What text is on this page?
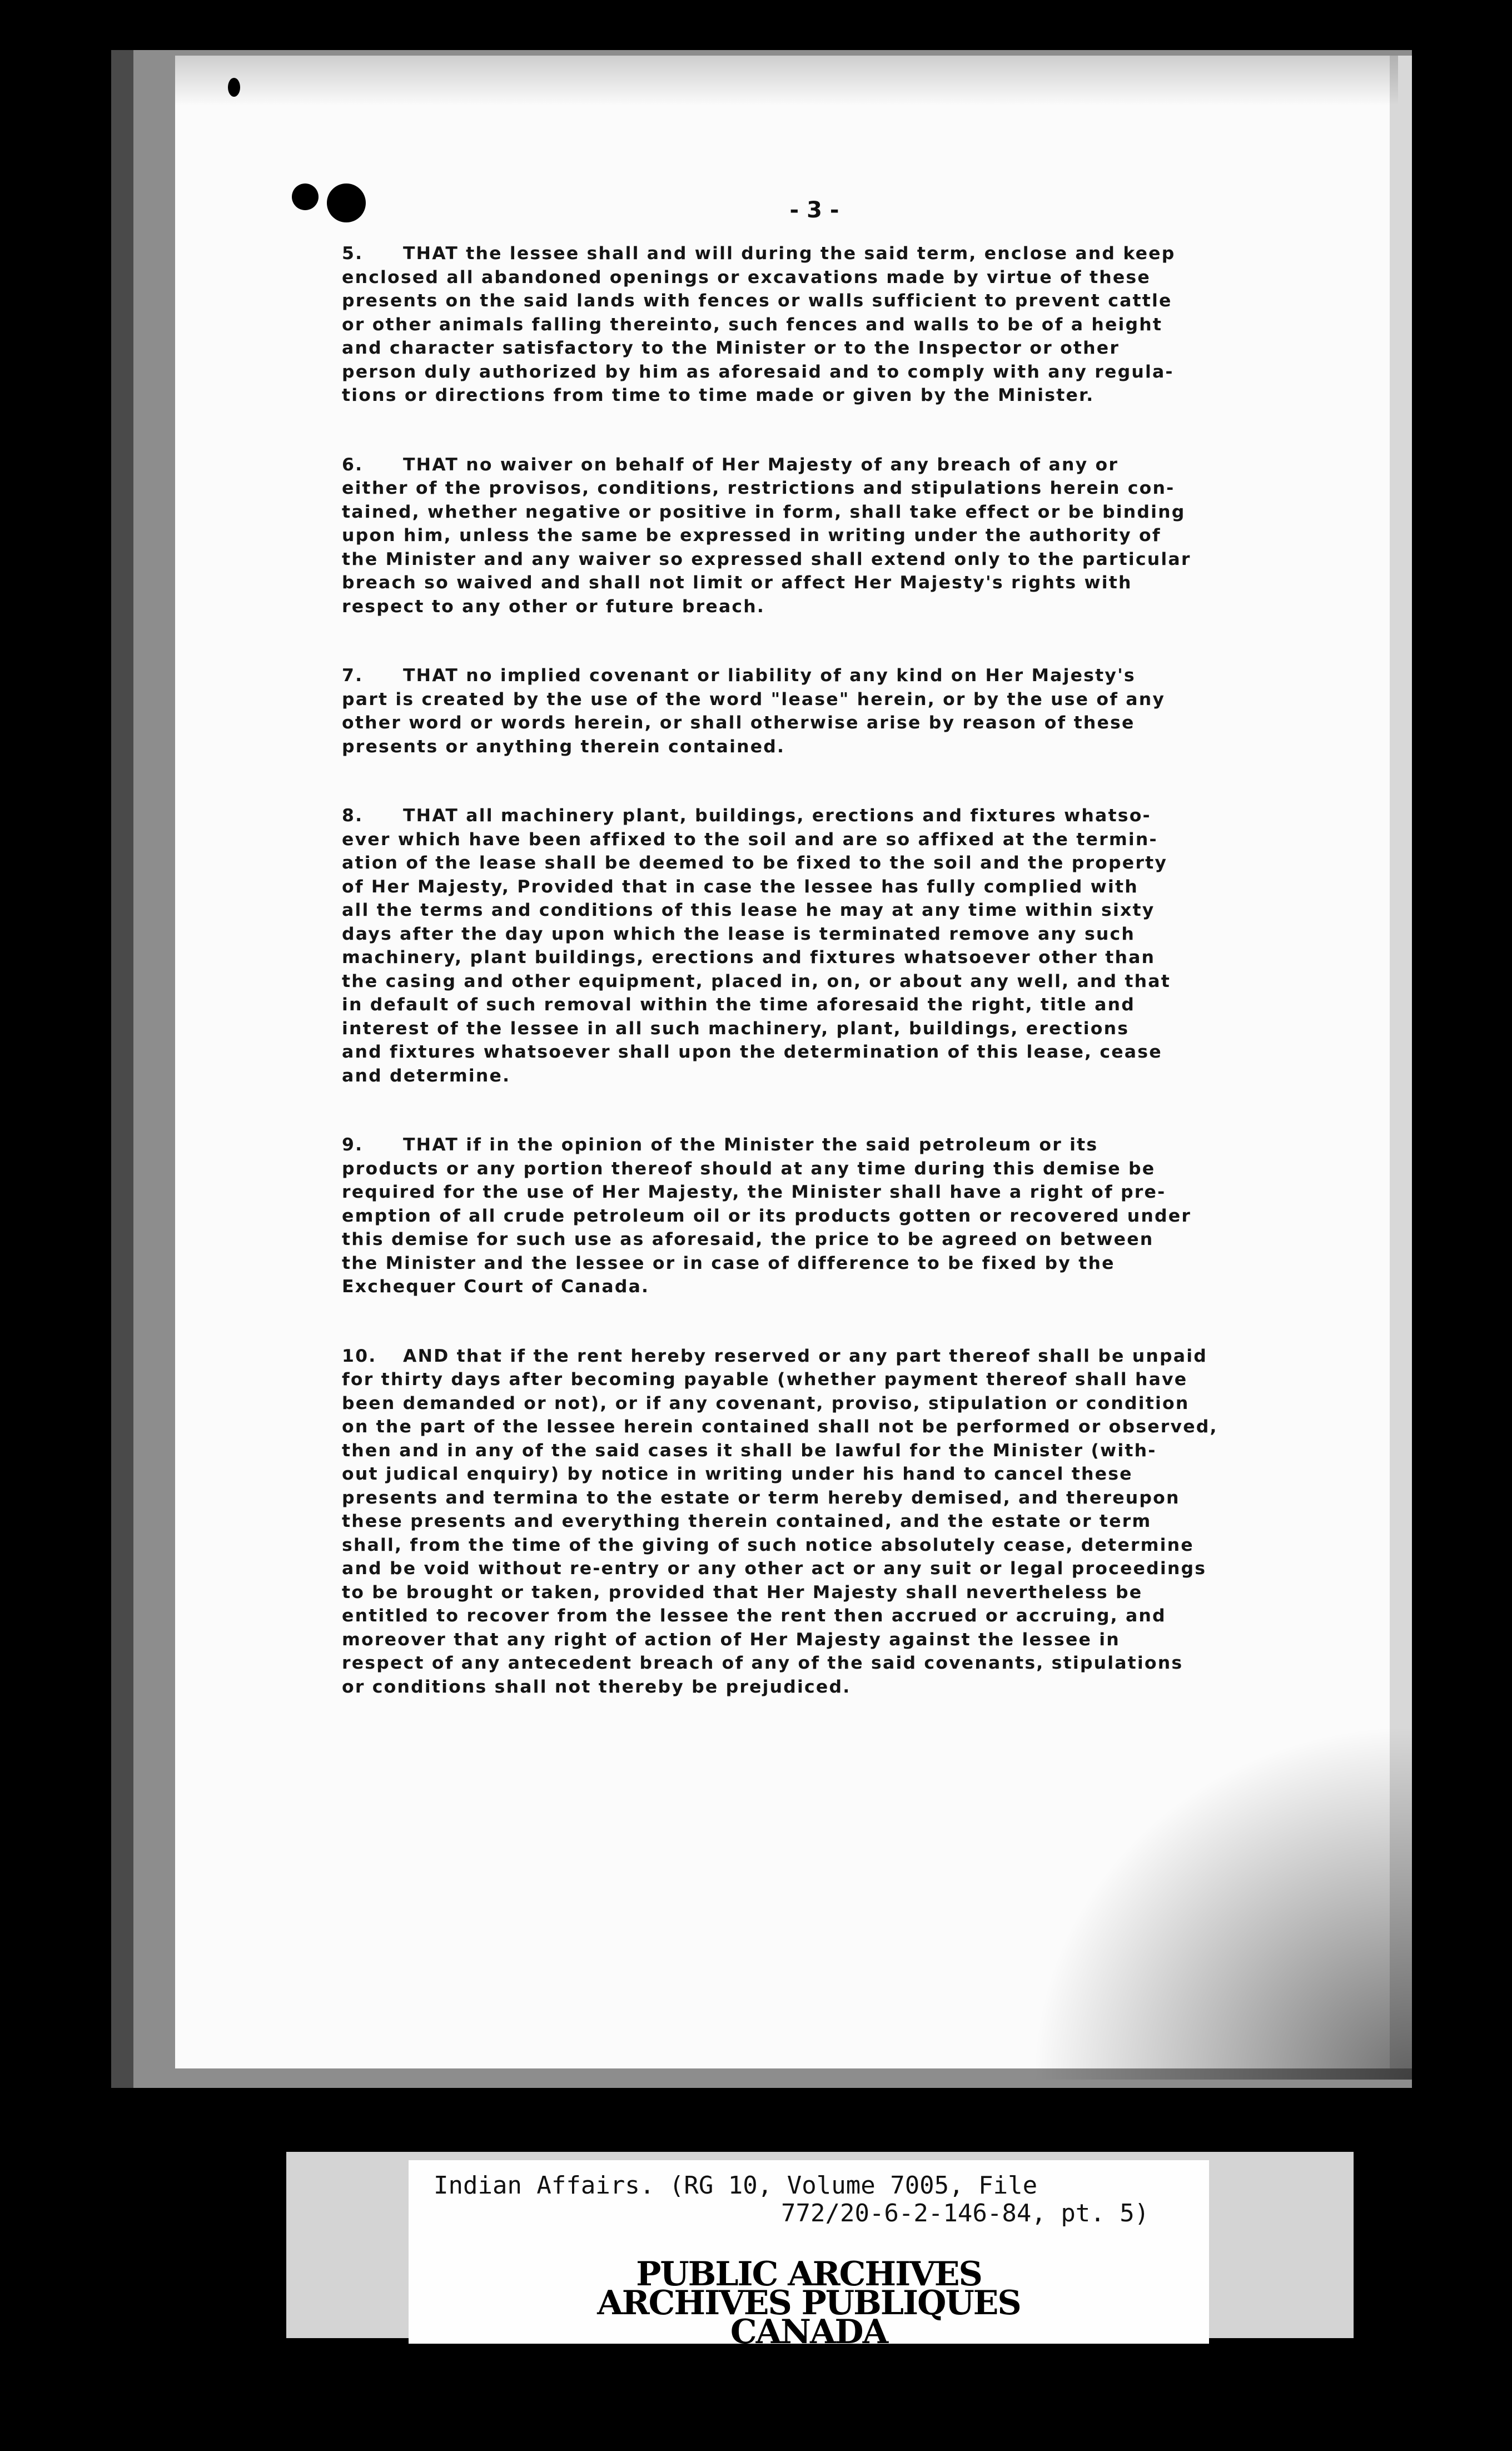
- 3 -
5. THAT the lessee shall and will during the said term, enclose and keep
enclosed all abandoned openings or excavations made by virtue of these
presents on the said lands with fences or walls sufficient to prevent cattle
or other animals falling thereinto, such fences and walls to be of a height
and character satisfactory to the Minister or to the Inspector or other
person duly authorized by him as aforesaid and to comply with any regula-
tions or directions from time to time made or given by the Minister.
6. THAT no waiver on behalf of Her Majesty of any breach of any or
either of the provisos, conditions, restrictions and stipulations herein con-
tained, whether negative or positive in form, shall take effect or be binding
upon him, unless the same be expressed in writing under the authority of
the Minister and any waiver so expressed shall extend only to the particular
breach so waived and shall not limit or affect Her Majesty's rights with
respect to any other or future breach.
7. THAT no implied covenant or liability of any kind on Her Majesty's
part is created by the use of the word "lease" herein, or by the use of any
other word or words herein, or shall otherwise arise by reason of these
presents or anything therein contained.
8. THAT all machinery plant, buildings, erections and fixtures whatso-
ever which have been affixed to the soil and are so affixed at the termin-
ation of the lease shall be deemed to be fixed to the soil and the property
of Her Majesty, Provided that in case the lessee has fully complied with
all the terms and conditions of this lease he may at any time within sixty
days after the day upon which the lease is terminated remove any such
machinery, plant buildings, erections and fixtures whatsoever other than
the casing and other equipment, placed in, on, or about any well, and that
in default of such removal within the time aforesaid the right, title and
interest of the lessee in all such machinery, plant, buildings, erections
and fixtures whatsoever shall upon the determination of this lease, cease
and determine.
9. THAT if in the opinion of the Minister the said petroleum or its
products or any portion thereof should at any time during this demise be
required for the use of Her Majesty, the Minister shall have a right of pre-
emption of all crude petroleum oil or its products gotten or recovered under
this demise for such use as aforesaid, the price to be agreed on between
the Minister and the lessee or in case of difference to be fixed by the
Exchequer Court of Canada.
10. AND that if the rent hereby reserved or any part thereof shall be unpaid
for thirty days after becoming payable (whether payment thereof shall have
been demanded or not), or if any covenant, proviso, stipulation or condition
on the part of the lessee herein contained shall not be performed or observed,
then and in any of the said cases it shall be lawful for the Minister (with-
out judical enquiry) by notice in writing under his hand to cancel these
presents and termina to the estate or term hereby demised, and thereupon
these presents and everything therein contained, and the estate or term
shall, from the time of the giving of such notice absolutely cease, determine
and be void without re-entry or any other act or any suit or legal proceedings
to be brought or taken, provided that Her Majesty shall nevertheless be
entitled to recover from the lessee the rent then accrued or accruing, and
moreover that any right of action of Her Majesty against the lessee in
respect of any antecedent breach of any of the said covenants, stipulations
or conditions shall not thereby be prejudiced.
Indian Affairs. (RG 10, Volume 7005, File
772/20-6-2-146-84, pt. 5)
PUBLIC ARCHIVES
ARCHIVES PUBLIQUES
CANADA
